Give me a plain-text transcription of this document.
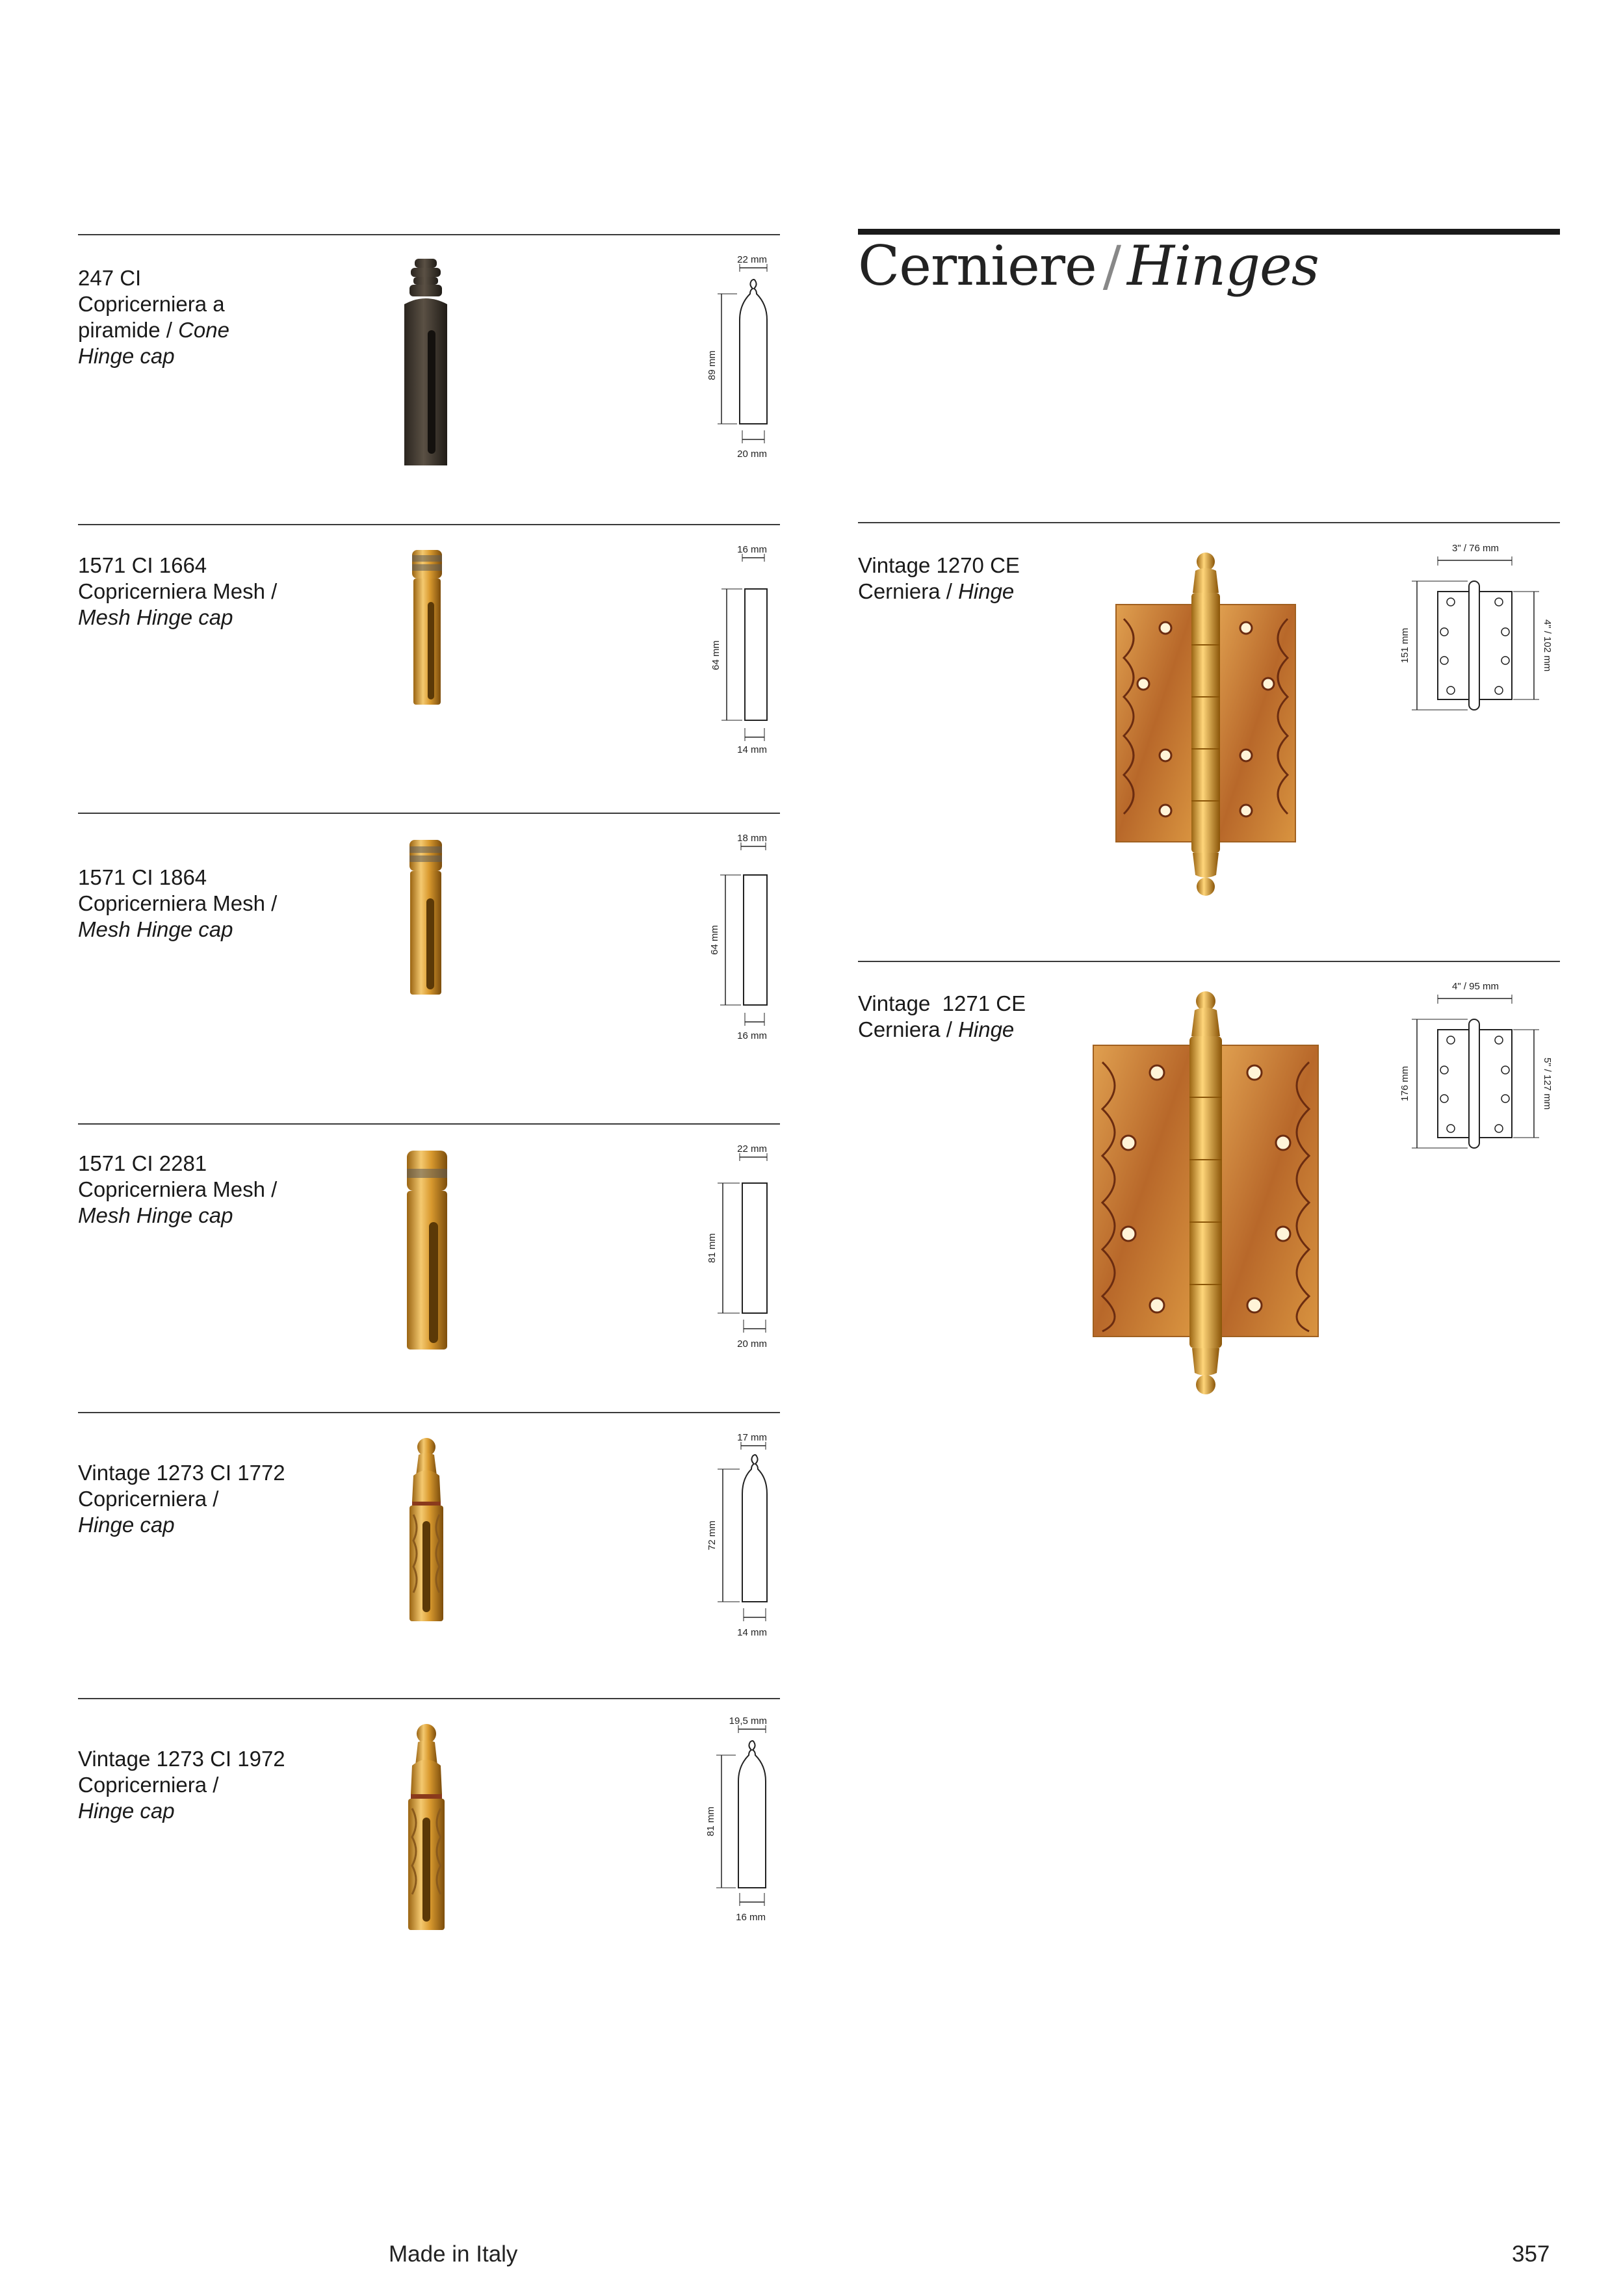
Cerniere / Hinges
247 CI
Copricerniera a
piramide / Cone
Hinge cap
22 mm
89 mm
20 mm
1571 CI 1664
Copricerniera Mesh /
Mesh Hinge cap
16 mm
64 mm
14 mm
1571 CI 1864
Copricerniera Mesh /
Mesh Hinge cap
18 mm
64 mm
16 mm
1571 CI 2281
Copricerniera Mesh /
Mesh Hinge cap
22 mm
81 mm
20 mm
Vintage 1273 CI 1772
Copricerniera /
Hinge cap
17 mm
72 mm
14 mm
Vintage 1273 CI 1972
Copricerniera /
Hinge cap
19,5 mm
81 mm
16 mm
Vintage 1270 CE
Cerniera / Hinge
3" / 76 mm
151 mm	4" / 102 mm
Vintage  1271 CE
Cerniera / Hinge
4" / 95 mm
176 mm	5" / 127 mm
Made in Italy	357
